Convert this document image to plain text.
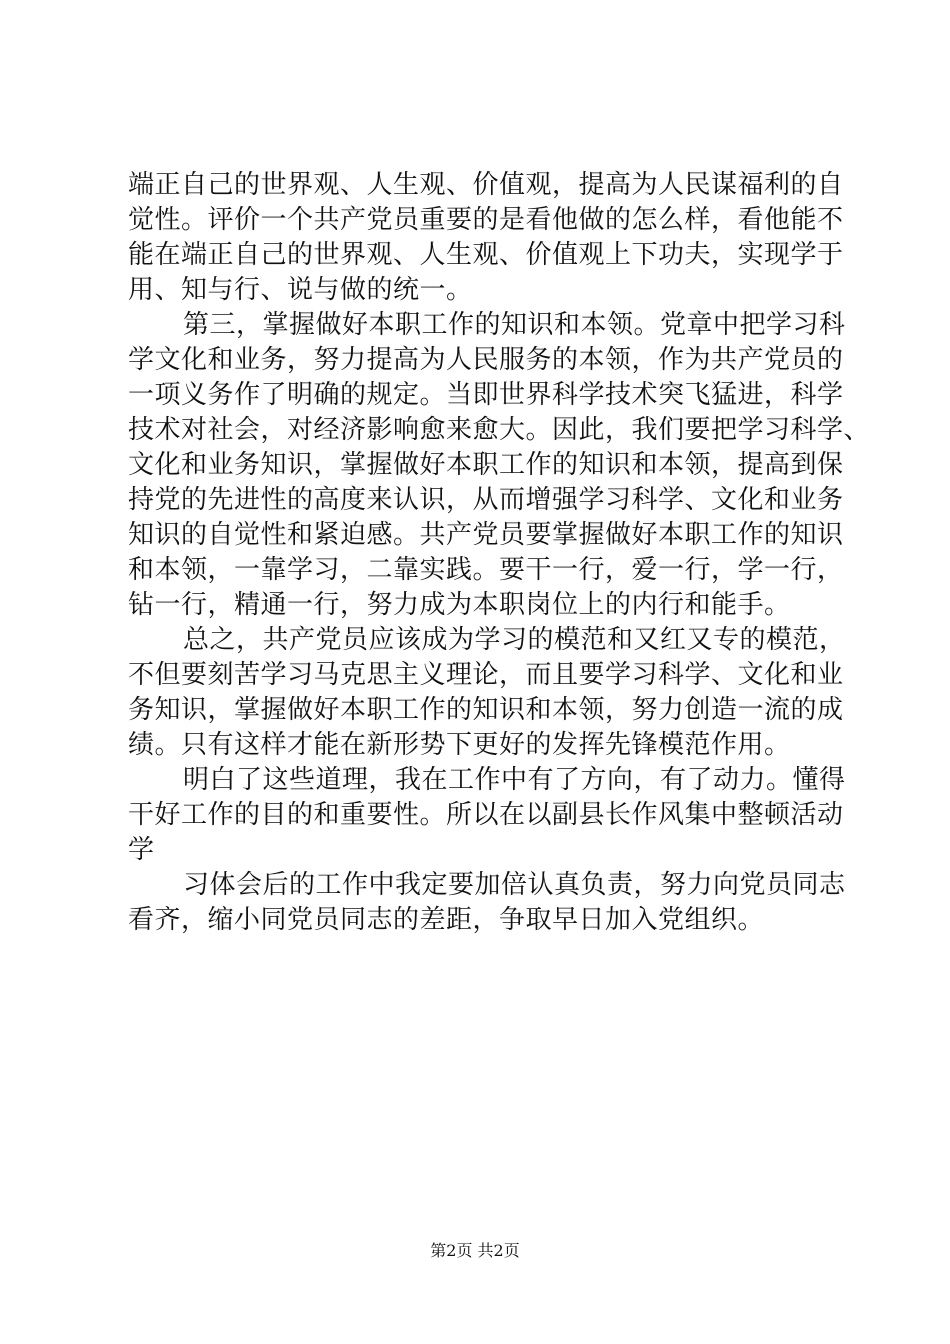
端正自己的世界观、人生观、价值观，提高为人民谋福利的自
觉性。评价一个共产党员重要的是看他做的怎么样，看他能不
能在端正自己的世界观、人生观、价值观上下功夫，实现学于
用、知与行、说与做的统一。
第三，掌握做好本职工作的知识和本领。党章中把学习科
学文化和业务，努力提高为人民服务的本领，作为共产党员的
一项义务作了明确的规定。当即世界科学技术突飞猛进，科学
技术对社会，对经济影响愈来愈大。因此，我们要把学习科学、
文化和业务知识，掌握做好本职工作的知识和本领，提高到保
持党的先进性的高度来认识，从而增强学习科学、文化和业务
知识的自觉性和紧迫感。共产党员要掌握做好本职工作的知识
和本领，一靠学习，二靠实践。要干一行，爱一行，学一行，
钻一行，精通一行，努力成为本职岗位上的内行和能手。
总之，共产党员应该成为学习的模范和又红又专的模范，
不但要刻苦学习马克思主义理论，而且要学习科学、文化和业
务知识，掌握做好本职工作的知识和本领，努力创造一流的成
绩。只有这样才能在新形势下更好的发挥先锋模范作用。
明白了这些道理，我在工作中有了方向，有了动力。懂得
干好工作的目的和重要性。所以在以副县长作风集中整顿活动
学
习体会后的工作中我定要加倍认真负责，努力向党员同志
看齐，缩小同党员同志的差距，争取早日加入党组织。
第2页 共2页
